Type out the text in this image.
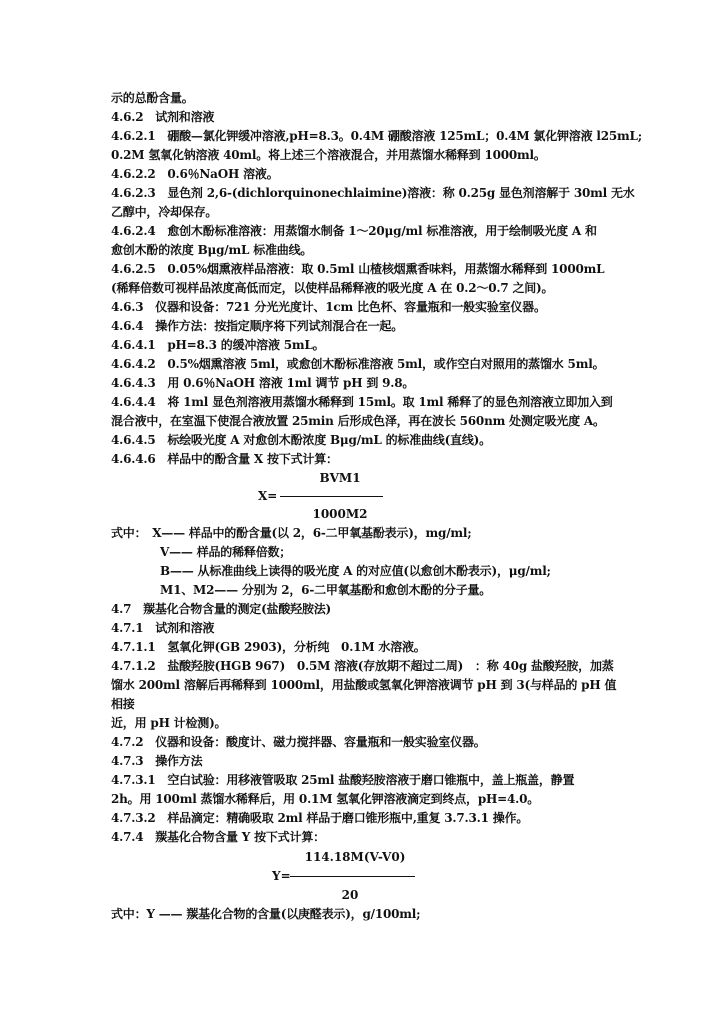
示的总酚含量。
4.6.2　试剂和溶液
4.6.2.1　硼酸—氯化钾缓冲溶液,pH=8.3。0.4M 硼酸溶液 125mL；0.4M 氯化钾溶液 l25mL;
0.2M 氢氧化钠溶液 40ml。将上述三个溶液混合，并用蒸馏水稀释到 1000ml。
4.6.2.2　0.6％NaOH 溶液。
4.6.2.3　显色剂 2,6-(dichlorquinonechlaimine)溶液：称 0.25g 显色剂溶解于 30ml 无水
乙醇中，冷却保存。
4.6.2.4　愈创木酚标准溶液：用蒸馏水制备 1～20μg/ml 标准溶液，用于绘制吸光度 A 和
愈创木酚的浓度 Bμg/mL 标准曲线。
4.6.2.5　0.05%烟熏液样品溶液：取 0.5ml 山楂核烟熏香味料，用蒸馏水稀释到 1000mL
(稀释倍数可视样品浓度高低而定，以使样品稀释液的吸光度 A 在 0.2～0.7 之间)。
4.6.3　仪器和设备：721 分光光度计、1cm 比色杯、容量瓶和一般实验室仪器。
4.6.4　操作方法：按指定顺序将下列试剂混合在一起。
4.6.4.1　pH=8.3 的缓冲溶液 5mL。
4.6.4.2　0.5%烟熏溶液 5ml，或愈创木酚标准溶液 5ml，或作空白对照用的蒸馏水 5ml。
4.6.4.3　用 0.6％NaOH 溶液 1ml 调节 pH 到 9.8。
4.6.4.4　将 1ml 显色剂溶液用蒸馏水稀释到 15ml。取 1ml 稀释了的显色剂溶液立即加入到
混合液中，在室温下使混合液放置 25min 后形成色泽，再在波长 560nm 处测定吸光度 A。
4.6.4.5　标绘吸光度 A 对愈创木酚浓度 Bμg/mL 的标准曲线(直线)。
4.6.4.6　样品中的酚含量 X 按下式计算：
BVM1
X=
1000M2
式中：　X—— 样品中的酚含量(以 2，6-二甲氧基酚表示)，mg/ml;
V—— 样品的稀释倍数；
B—— 从标准曲线上读得的吸光度 A 的对应值(以愈创木酚表示)，μg/ml;
M1、M2—— 分别为 2，6-二甲氧基酚和愈创木酚的分子量。
4.7　羰基化合物含量的测定(盐酸羟胺法)
4.7.1　试剂和溶液
4.7.1.1　氢氧化钾(GB 2903)，分析纯　0.1M 水溶液。
4.7.1.2　盐酸羟胺(HGB 967)　0.5M 溶液(存放期不超过二周)　：称 40g 盐酸羟胺，加蒸
馏水 200ml 溶解后再稀释到 1000ml，用盐酸或氢氧化钾溶液调节 pH 到 3(与样品的 pH 值
相接
近，用 pH 计检测)。
4.7.2　仪器和设备：酸度计、磁力搅拌器、容量瓶和一般实验室仪器。
4.7.3　操作方法
4.7.3.1　空白试验：用移液管吸取 25ml 盐酸羟胺溶液于磨口锥瓶中，盖上瓶盖，静置
2h。用 100ml 蒸馏水稀释后，用 0.1M 氢氧化钾溶液滴定到终点，pH=4.0。
4.7.3.2　样品滴定：精确吸取 2ml 样品于磨口锥形瓶中,重复 3.7.3.1 操作。
4.7.4　羰基化合物含量 Y 按下式计算：
114.18M(V-V0)
Y=
20
式中：Y —— 羰基化合物的含量(以庚醛表示)，g/100ml;
